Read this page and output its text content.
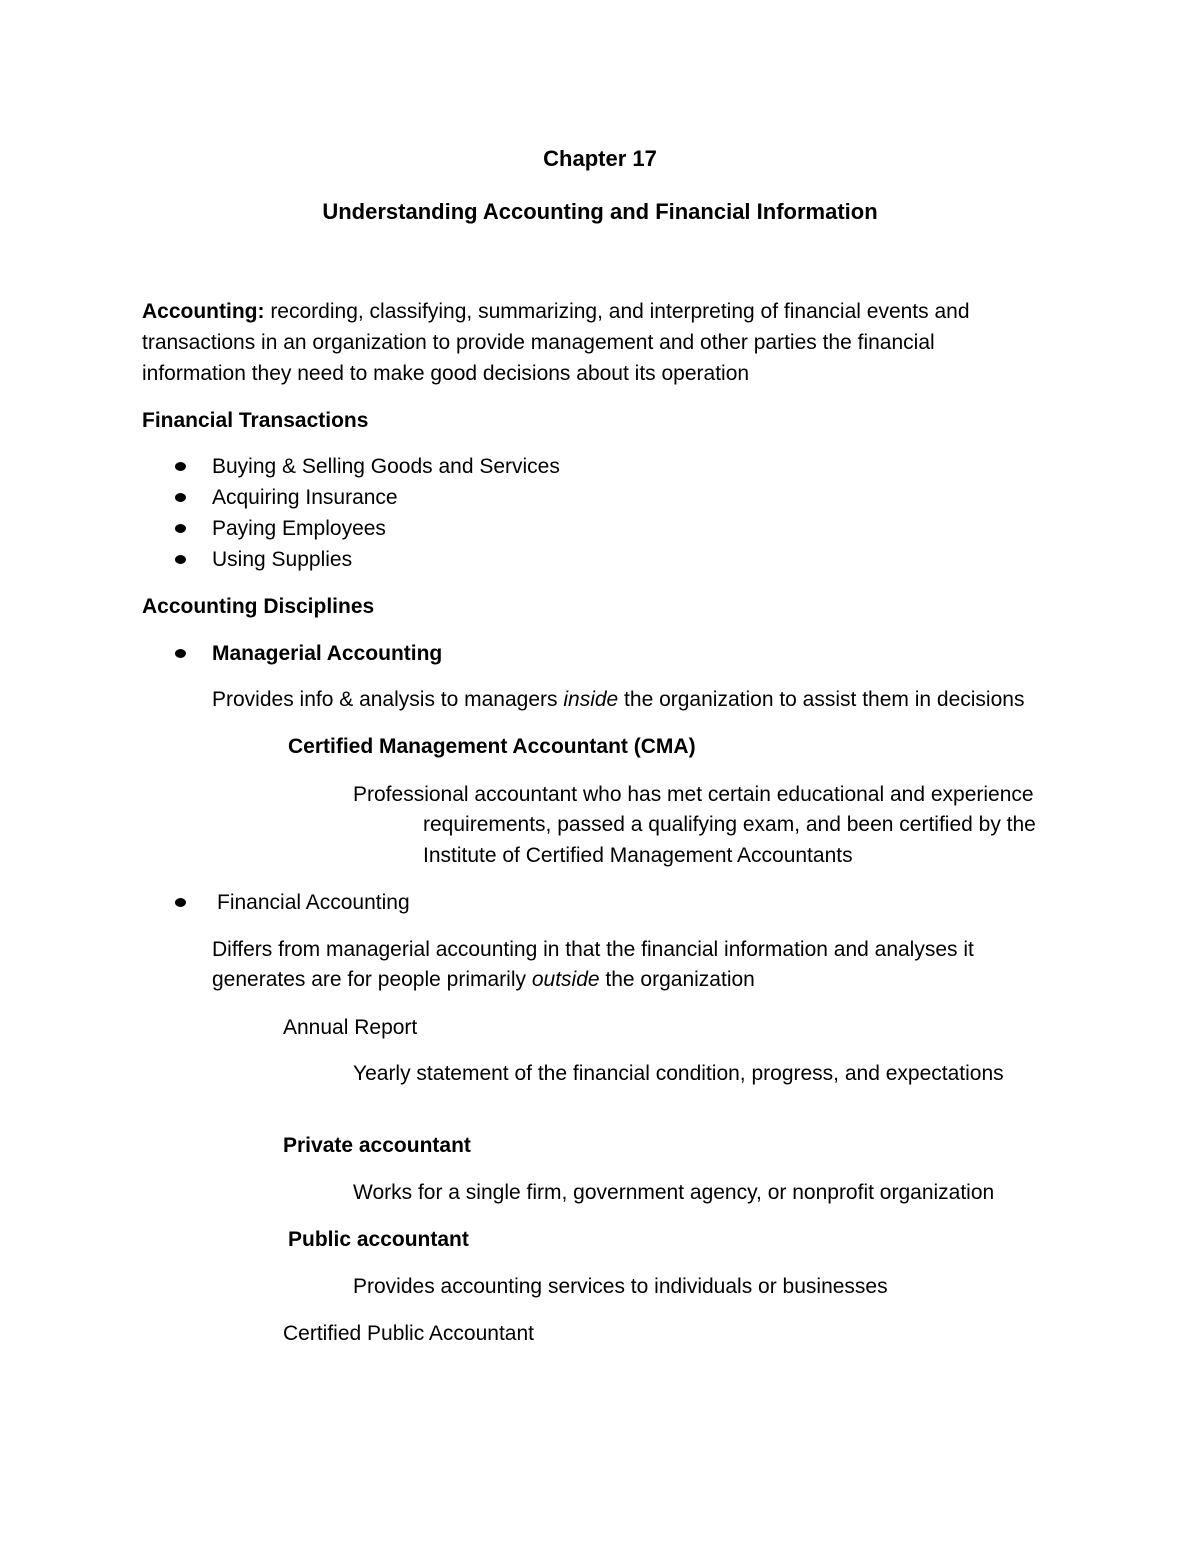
Chapter 17
Understanding Accounting and Financial Information
Accounting: recording, classifying, summarizing, and interpreting of financial events and
transactions in an organization to provide management and other parties the financial
information they need to make good decisions about its operation
Financial Transactions
Buying & Selling Goods and Services
Acquiring Insurance
Paying Employees
Using Supplies
Accounting Disciplines
Managerial Accounting
Provides info & analysis to managers inside the organization to assist them in decisions
Certified Management Accountant (CMA)
Professional accountant who has met certain educational and experience
requirements, passed a qualifying exam, and been certified by the
Institute of Certified Management Accountants
Financial Accounting
Differs from managerial accounting in that the financial information and analyses it
generates are for people primarily outside the organization
Annual Report
Yearly statement of the financial condition, progress, and expectations
Private accountant
Works for a single firm, government agency, or nonprofit organization
Public accountant
Provides accounting services to individuals or businesses
Certified Public Accountant
